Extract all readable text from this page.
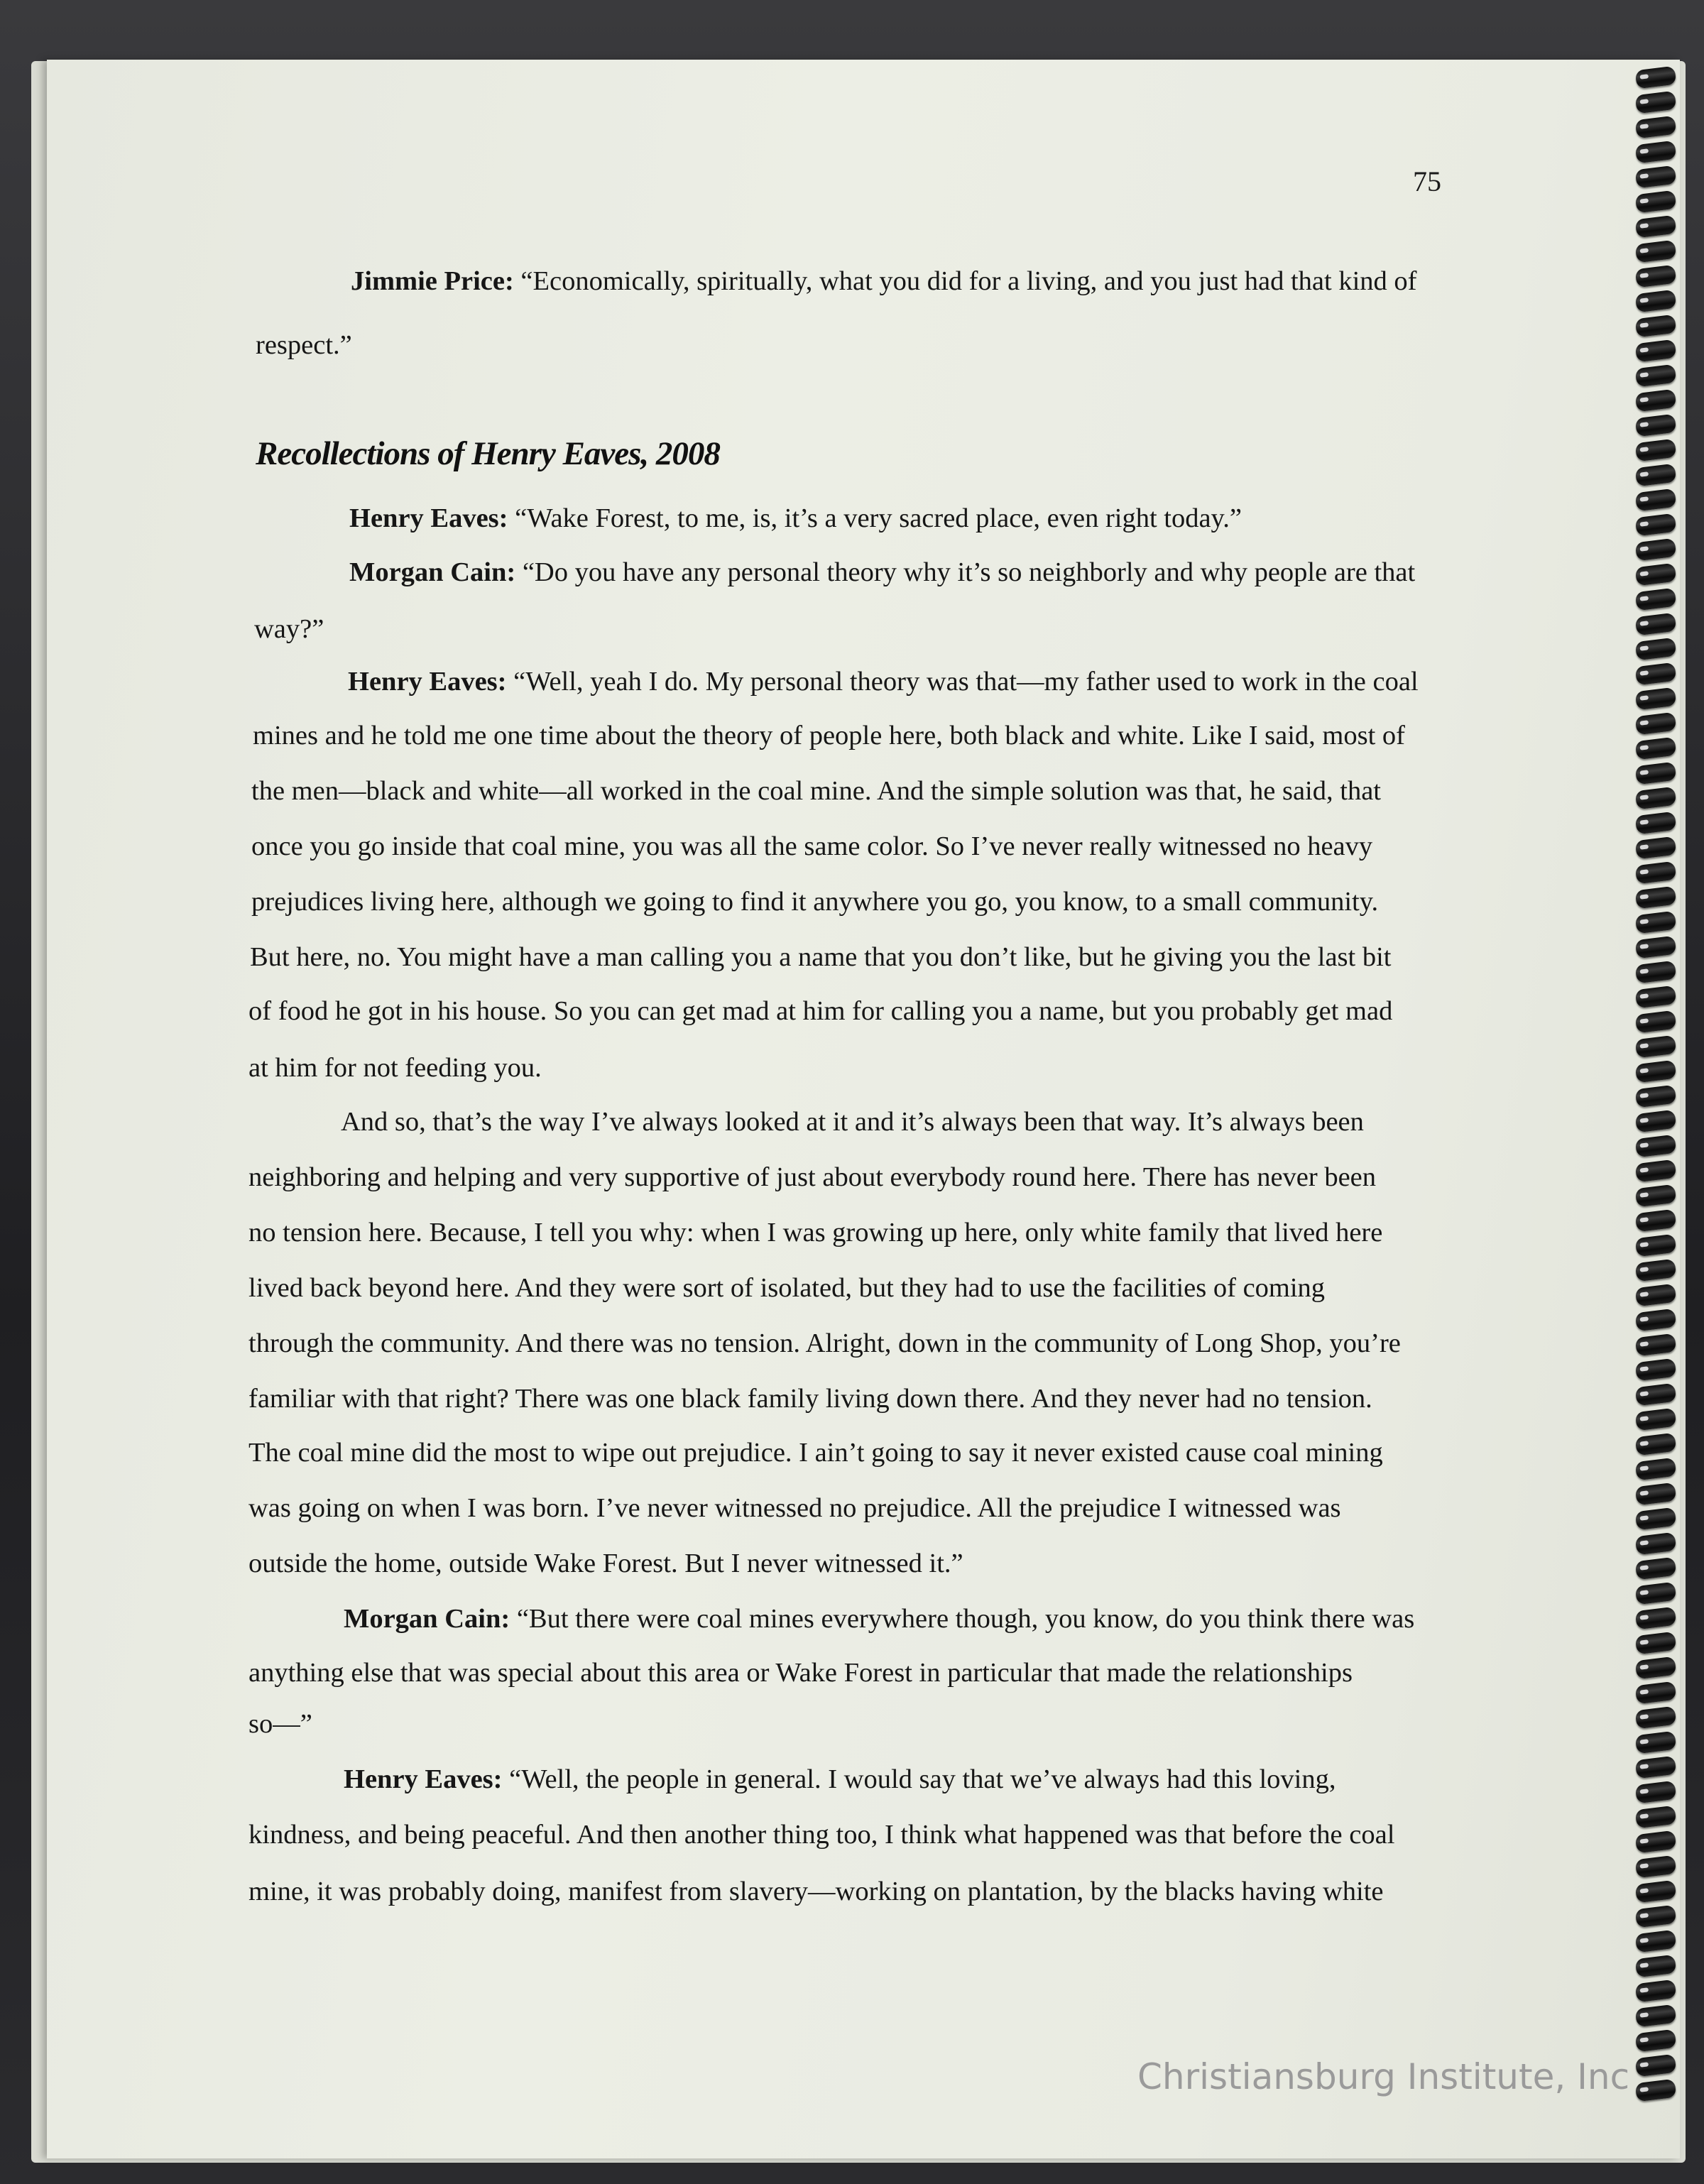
75
Recollections of Henry Eaves, 2008
Jimmie Price: “Economically, spiritually, what you did for a living, and you just had that kind of
respect.”
Henry Eaves: “Wake Forest, to me, is, it’s a very sacred place, even right today.”
Morgan Cain: “Do you have any personal theory why it’s so neighborly and why people are that
way?”
Henry Eaves: “Well, yeah I do. My personal theory was that—my father used to work in the coal
mines and he told me one time about the theory of people here, both black and white. Like I said, most of
the men—black and white—all worked in the coal mine. And the simple solution was that, he said, that
once you go inside that coal mine, you was all the same color. So I’ve never really witnessed no heavy
prejudices living here, although we going to find it anywhere you go, you know, to a small community.
But here, no. You might have a man calling you a name that you don’t like, but he giving you the last bit
of food he got in his house. So you can get mad at him for calling you a name, but you probably get mad
at him for not feeding you.
And so, that’s the way I’ve always looked at it and it’s always been that way. It’s always been
neighboring and helping and very supportive of just about everybody round here. There has never been
no tension here. Because, I tell you why: when I was growing up here, only white family that lived here
lived back beyond here. And they were sort of isolated, but they had to use the facilities of coming
through the community. And there was no tension. Alright, down in the community of Long Shop, you’re
familiar with that right? There was one black family living down there. And they never had no tension.
The coal mine did the most to wipe out prejudice. I ain’t going to say it never existed cause coal mining
was going on when I was born. I’ve never witnessed no prejudice. All the prejudice I witnessed was
outside the home, outside Wake Forest. But I never witnessed it.”
Morgan Cain: “But there were coal mines everywhere though, you know, do you think there was
anything else that was special about this area or Wake Forest in particular that made the relationships
so—”
Henry Eaves: “Well, the people in general. I would say that we’ve always had this loving,
kindness, and being peaceful. And then another thing too, I think what happened was that before the coal
mine, it was probably doing, manifest from slavery—working on plantation, by the blacks having white
Christiansburg Institute, Inc
